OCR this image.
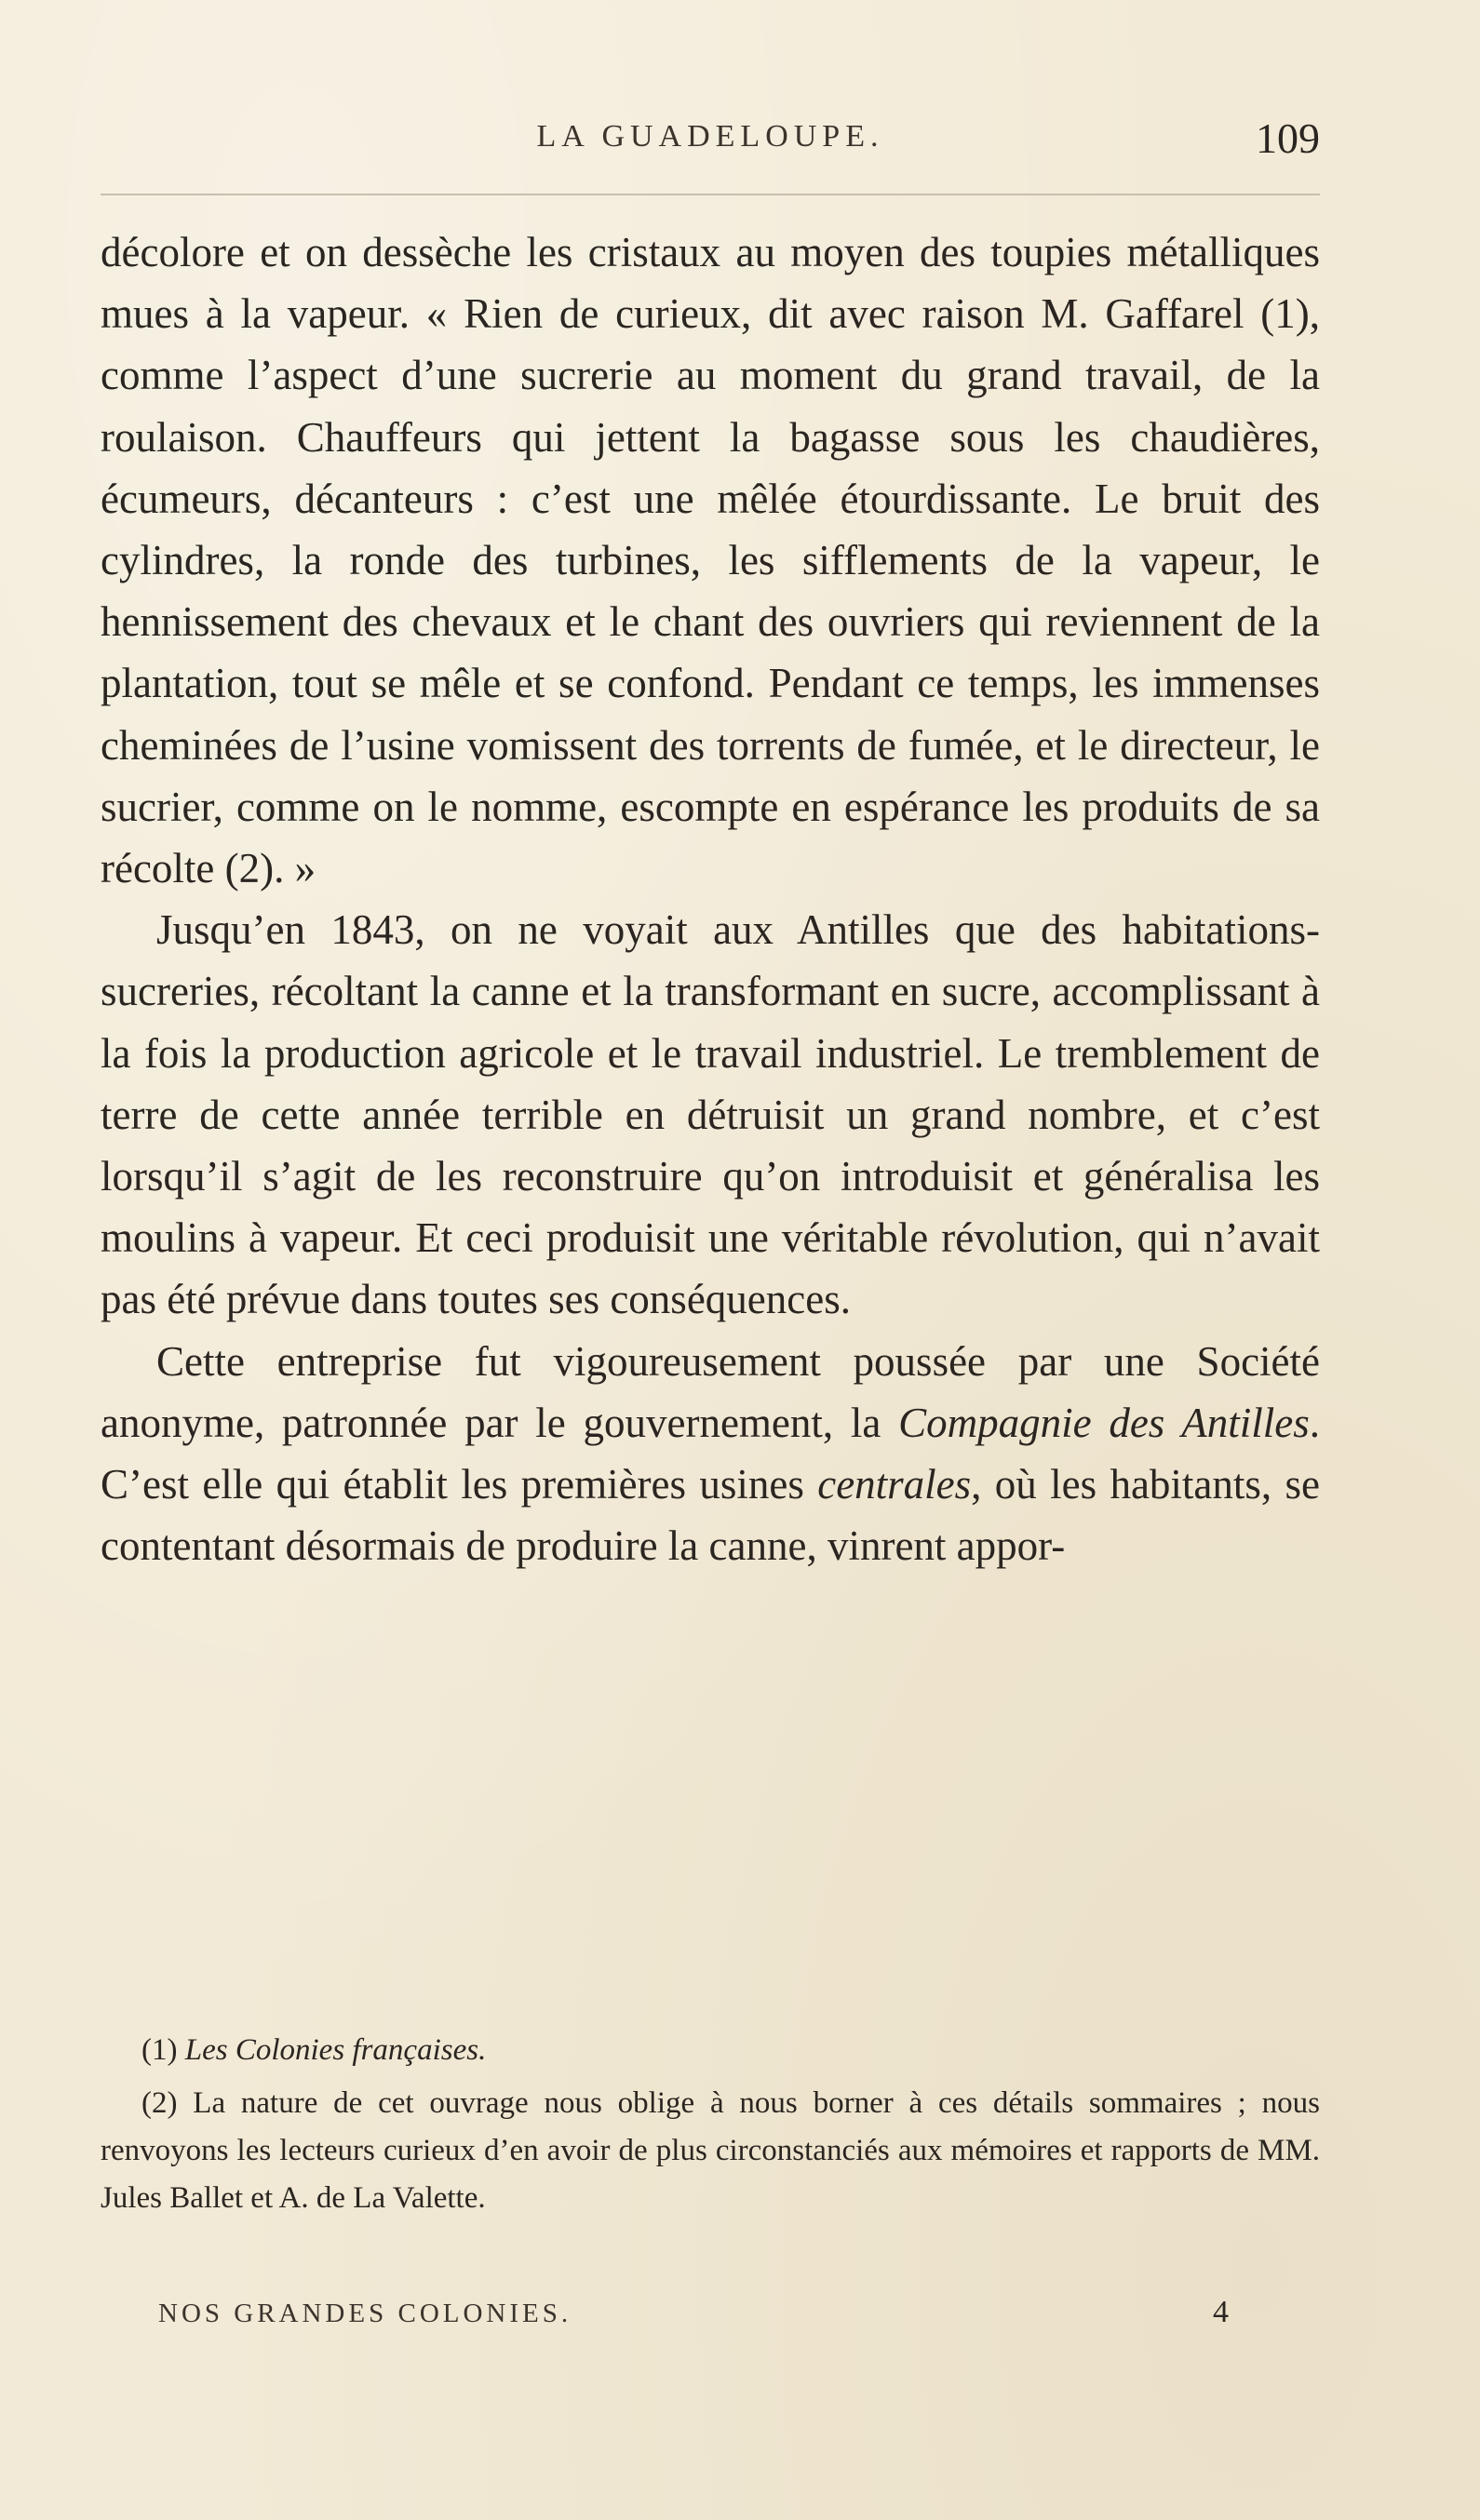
LA GUADELOUPE.	109

décolore et on dessèche les cristaux au moyen des toupies métalliques mues à la vapeur. « Rien de curieux, dit avec raison M. Gaffarel (1), comme l’aspect d’une sucrerie au moment du grand travail, de la roulaison. Chauffeurs qui jettent la bagasse sous les chaudières, écumeurs, décanteurs : c’est une mêlée étourdissante. Le bruit des cylindres, la ronde des turbines, les sifflements de la vapeur, le hennissement des chevaux et le chant des ouvriers qui reviennent de la plantation, tout se mêle et se confond. Pendant ce temps, les immenses cheminées de l’usine vomissent des torrents de fumée, et le directeur, le sucrier, comme on le nomme, escompte en espérance les produits de sa récolte (2). »

Jusqu’en 1843, on ne voyait aux Antilles que des habitations-sucreries, récoltant la canne et la transformant en sucre, accomplissant à la fois la production agricole et le travail industriel. Le tremblement de terre de cette année terrible en détruisit un grand nombre, et c’est lorsqu’il s’agit de les reconstruire qu’on introduisit et généralisa les moulins à vapeur. Et ceci produisit une véritable révolution, qui n’avait pas été prévue dans toutes ses conséquences.

Cette entreprise fut vigoureusement poussée par une Société anonyme, patronnée par le gouvernement, la Compagnie des Antilles. C’est elle qui établit les premières usines centrales, où les habitants, se contentant désormais de produire la canne, vinrent appor-

(1) Les Colonies françaises.

(2) La nature de cet ouvrage nous oblige à nous borner à ces détails sommaires ; nous renvoyons les lecteurs curieux d’en avoir de plus circonstanciés aux mémoires et rapports de MM. Jules Ballet et A. de La Valette.

NOS GRANDES COLONIES.	4
